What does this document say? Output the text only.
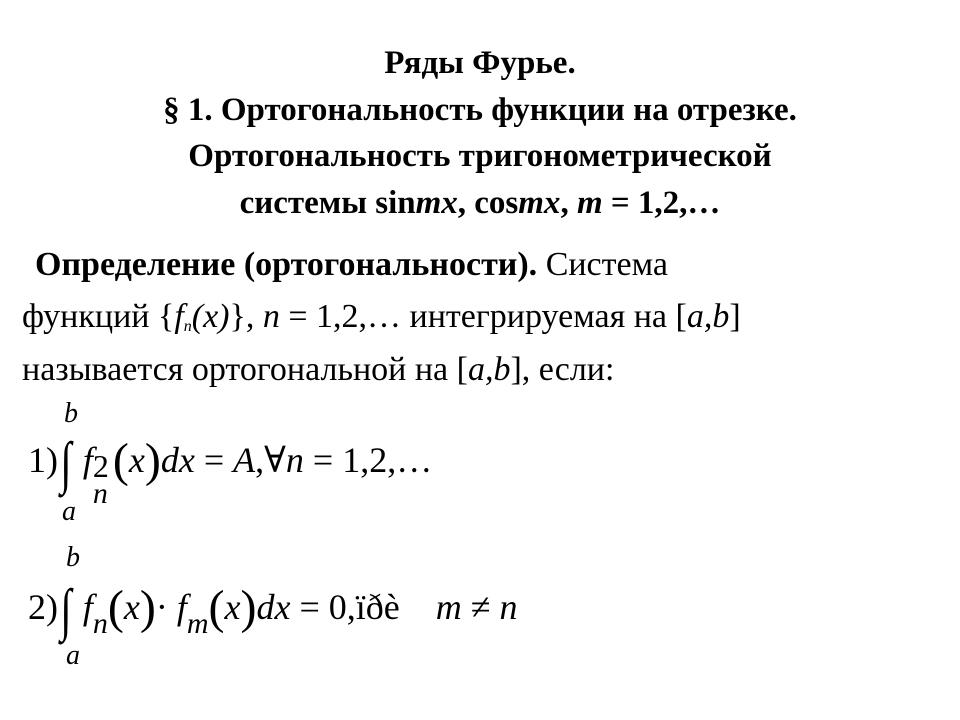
Ряды Фурье.
§ 1. Ортогональность функции на отрезке.
Ортогональность тригонометрической
системы sinmx, cosmx, m = 1,2,…
Определение (ортогональности). Система
функций $\{f_n(x)\}$, n = 1,2,… интегрируемая на [a,b]
называется ортогональной на [a,b], если:
b
a
1)∫ f 2
n
(x)dx = A,∀n = 1,2,…
b
a
2)∫ $f_n(x)\cdot f_m(x)dx$ = 0,ïðè m ≠ n
